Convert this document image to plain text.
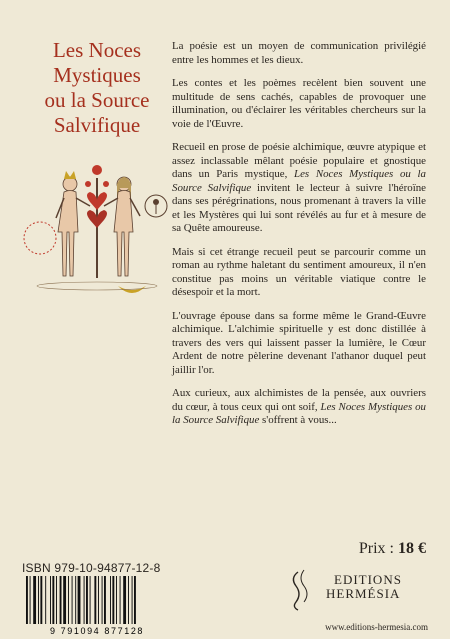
Les Noces
Mystiques
ou la Source
Salvifique

La poésie est un moyen de communication privilégié entre les hommes et les dieux.

Les contes et les poèmes recèlent bien souvent une multitude de sens cachés, capables de provoquer une illumination, ou d'éclairer les véritables chercheurs sur la voie de l'Œuvre.

Recueil en prose de poésie alchimique, œuvre atypique et assez inclassable mêlant poésie populaire et gnostique dans un Paris mystique, Les Noces Mystiques ou la Source Salvifique invitent le lecteur à suivre l'héroïne dans ses pérégrinations, nous promenant à travers la ville et les Mystères qui lui sont révélés au fur et à mesure de sa Quête amoureuse.

Mais si cet étrange recueil peut se parcourir comme un roman au rythme haletant du sentiment amoureux, il n'en constitue pas moins un véritable viatique contre le désespoir et la mort.

L'ouvrage épouse dans sa forme même le Grand-Œuvre alchimique. L'alchimie spirituelle y est donc distillée à travers des vers qui laissent passer la lumière, le Cœur Ardent de notre pèlerine devenant l'athanor duquel peut jaillir l'or.

Aux curieux, aux alchimistes de la pensée, aux ouvriers du cœur, à tous ceux qui ont soif, Les Noces Mystiques ou la Source Salvifique s'offrent à vous...

Prix : 18 €
ISBN 979-10-94877-12-8
9 791094 877128
EDITIONS
HERMÉSIA
www.editions-hermesia.com
